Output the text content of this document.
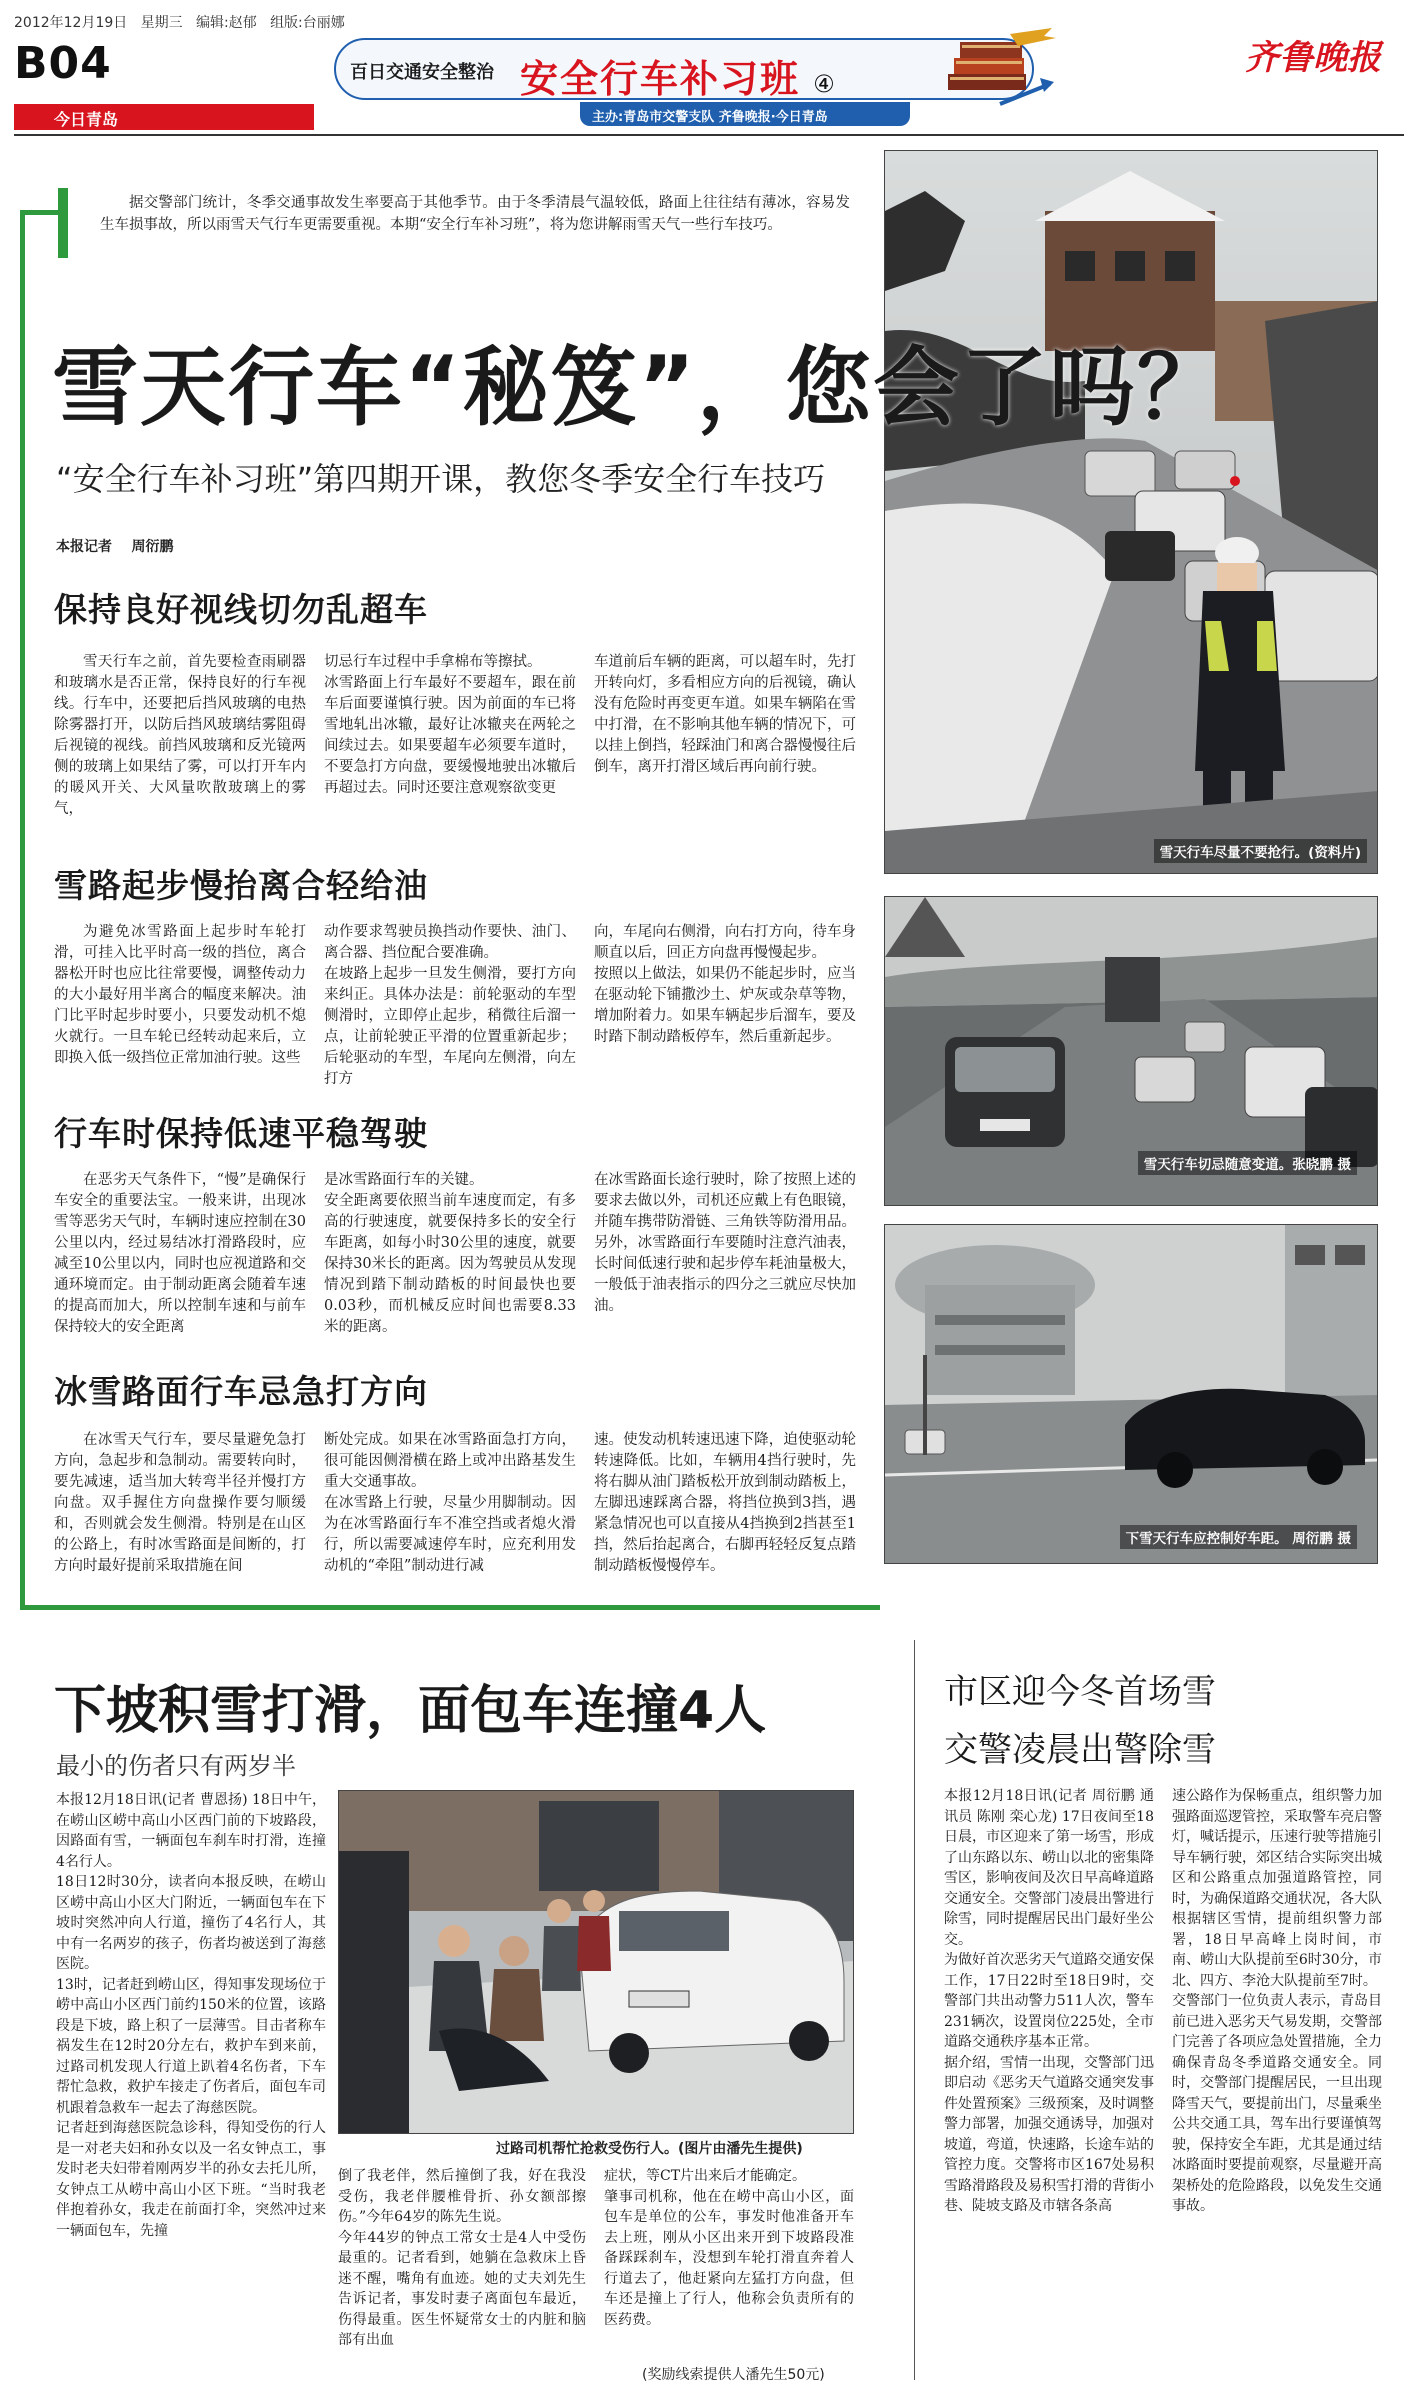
2012年12月19日 星期三 编辑:赵郁 组版:台丽娜
B04
今日青岛
百日交通安全整治 安全行车补习班 ④
主办:青岛市交警支队 齐鲁晚报·今日青岛
齐鲁晚报
据交警部门统计，冬季交通事故发生率要高于其他季节。由于冬季清晨气温较低，路面上往往结有薄冰，容易发生车损事故，所以雨雪天气行车更需要重视。本期“安全行车补习班”，将为您讲解雨雪天气一些行车技巧。
雪天行车“秘笈”，您会了吗？
“安全行车补习班”第四期开课，教您冬季安全行车技巧
本报记者    周衍鹏
保持良好视线切勿乱超车
雪天行车之前，首先要检查雨刷器和玻璃水是否正常，保持良好的行车视线。行车中，还要把后挡风玻璃的电热除雾器打开，以防后挡风玻璃结雾阻碍后视镜的视线。前挡风玻璃和反光镜两侧的玻璃上如果结了雾，可以打开车内的暖风开关、大风量吹散玻璃上的雾气，
切忌行车过程中手拿棉布等擦拭。
冰雪路面上行车最好不要超车，跟在前车后面要谨慎行驶。因为前面的车已将雪地轧出冰辙，最好让冰辙夹在两轮之间续过去。如果要超车必须要车道时，不要急打方向盘，要缓慢地驶出冰辙后再超过去。同时还要注意观察欲变更
车道前后车辆的距离，可以超车时，先打开转向灯，多看相应方向的后视镜，确认没有危险时再变更车道。如果车辆陷在雪中打滑，在不影响其他车辆的情况下，可以挂上倒挡，轻踩油门和离合器慢慢往后倒车，离开打滑区域后再向前行驶。
雪路起步慢抬离合轻给油
为避免冰雪路面上起步时车轮打滑，可挂入比平时高一级的挡位，离合器松开时也应比往常要慢，调整传动力的大小最好用半离合的幅度来解决。油门比平时起步时要小，只要发动机不熄火就行。一旦车轮已经转动起来后，立即换入低一级挡位正常加油行驶。这些
动作要求驾驶员换挡动作要快、油门、离合器、挡位配合要准确。
在坡路上起步一旦发生侧滑，要打方向来纠正。具体办法是：前轮驱动的车型侧滑时，立即停止起步，稍微往后溜一点，让前轮驶正平滑的位置重新起步；后轮驱动的车型，车尾向左侧滑，向左打方
向，车尾向右侧滑，向右打方向，待车身顺直以后，回正方向盘再慢慢起步。
按照以上做法，如果仍不能起步时，应当在驱动轮下铺撒沙土、炉灰或杂草等物，增加附着力。如果车辆起步后溜车，要及时踏下制动踏板停车，然后重新起步。
行车时保持低速平稳驾驶
在恶劣天气条件下，“慢”是确保行车安全的重要法宝。一般来讲，出现冰雪等恶劣天气时，车辆时速应控制在30公里以内，经过易结冰打滑路段时，应减至10公里以内，同时也应视道路和交通环境而定。由于制动距离会随着车速的提高而加大，所以控制车速和与前车保持较大的安全距离
是冰雪路面行车的关键。
安全距离要依照当前车速度而定，有多高的行驶速度，就要保持多长的安全行车距离，如每小时30公里的速度，就要保持30米长的距离。因为驾驶员从发现情况到踏下制动踏板的时间最快也要0.03秒，而机械反应时间也需要8.33米的距离。
在冰雪路面长途行驶时，除了按照上述的要求去做以外，司机还应戴上有色眼镜，并随车携带防滑链、三角铁等防滑用品。另外，冰雪路面行车要随时注意汽油表，长时间低速行驶和起步停车耗油量极大，一般低于油表指示的四分之三就应尽快加油。
冰雪路面行车忌急打方向
在冰雪天气行车，要尽量避免急打方向，急起步和急制动。需要转向时，要先减速，适当加大转弯半径并慢打方向盘。双手握住方向盘操作要匀顺缓和，否则就会发生侧滑。特别是在山区的公路上，有时冰雪路面是间断的，打方向时最好提前采取措施在间
断处完成。如果在冰雪路面急打方向，很可能因侧滑横在路上或冲出路基发生重大交通事故。
在冰雪路上行驶，尽量少用脚制动。因为在冰雪路面行车不准空挡或者熄火滑行，所以需要减速停车时，应充利用发动机的“牵阻”制动进行减
速。使发动机转速迅速下降，迫使驱动轮转速降低。比如，车辆用4挡行驶时，先将右脚从油门踏板松开放到制动踏板上，左脚迅速踩离合器，将挡位换到3挡，遇紧急情况也可以直接从4挡换到2挡甚至1挡，然后抬起离合，右脚再轻轻反复点踏制动踏板慢慢停车。
雪天行车尽量不要抢行。(资料片)
雪天行车切忌随意变道。张晓鹏 摄
下雪天行车应控制好车距。 周衍鹏 摄
下坡积雪打滑，面包车连撞4人
最小的伤者只有两岁半
本报12月18日讯(记者 曹恩扬) 18日中午，在崂山区崂中高山小区西门前的下坡路段，因路面有雪，一辆面包车刹车时打滑，连撞4名行人。
18日12时30分，读者向本报反映，在崂山区崂中高山小区大门附近，一辆面包车在下坡时突然冲向人行道，撞伤了4名行人，其中有一名两岁的孩子，伤者均被送到了海慈医院。
13时，记者赶到崂山区，得知事发现场位于崂中高山小区西门前约150米的位置，该路段是下坡，路上积了一层薄雪。目击者称车祸发生在12时20分左右，救护车到来前，过路司机发现人行道上趴着4名伤者，下车帮忙急救，救护车接走了伤者后，面包车司机跟着急救车一起去了海慈医院。
记者赶到海慈医院急诊科，得知受伤的行人是一对老夫妇和孙女以及一名女钟点工，事发时老夫妇带着刚两岁半的孙女去托儿所，女钟点工从崂中高山小区下班。“当时我老伴抱着孙女，我走在前面打伞，突然冲过来一辆面包车，先撞
过路司机帮忙抢救受伤行人。(图片由潘先生提供)
倒了我老伴，然后撞倒了我，好在我没受伤，我老伴腰椎骨折、孙女额部擦伤。”今年64岁的陈先生说。
今年44岁的钟点工常女士是4人中受伤最重的。记者看到，她躺在急救床上昏迷不醒，嘴角有血迹。她的丈夫刘先生告诉记者，事发时妻子离面包车最近，伤得最重。医生怀疑常女士的内脏和脑部有出血
症状，等CT片出来后才能确定。
肇事司机称，他在在崂中高山小区，面包车是单位的公车，事发时他准备开车去上班，刚从小区出来开到下坡路段准备踩踩刹车，没想到车轮打滑直奔着人行道去了，他赶紧向左猛打方向盘，但车还是撞上了行人，他称会负责所有的医药费。
(奖励线索提供人潘先生50元)
市区迎今冬首场雪
交警凌晨出警除雪
本报12月18日讯(记者 周衍鹏 通讯员 陈刚 栾心龙) 17日夜间至18日晨，市区迎来了第一场雪，形成了山东路以东、崂山以北的密集降雪区，影响夜间及次日早高峰道路交通安全。交警部门凌晨出警进行除雪，同时提醒居民出门最好坐公交。
为做好首次恶劣天气道路交通安保工作，17日22时至18日9时，交警部门共出动警力511人次，警车231辆次，设置岗位225处，全市道路交通秩序基本正常。
据介绍，雪情一出现，交警部门迅即启动《恶劣天气道路交通突发事件处置预案》三级预案，及时调整警力部署，加强交通诱导，加强对坡道，弯道，快速路，长途车站的管控力度。交警将市区167处易积雪路滑路段及易积雪打滑的背街小巷、陡坡支路及市辖各条高
速公路作为保畅重点，组织警力加强路面巡逻管控，采取警车亮启警灯，喊话提示，压速行驶等措施引导车辆行驶，郊区结合实际突出城区和公路重点加强道路管控，同时，为确保道路交通状况，各大队根据辖区雪情，提前组织警力部署，18日早高峰上岗时间，市南、崂山大队提前至6时30分，市北、四方、李沧大队提前至7时。
交警部门一位负责人表示，青岛目前已进入恶劣天气易发期，交警部门完善了各项应急处置措施，全力确保青岛冬季道路交通安全。同时，交警部门提醒居民，一旦出现降雪天气，要提前出门，尽量乘坐公共交通工具，驾车出行要谨慎驾驶，保持安全车距，尤其是通过结冰路面时要提前观察，尽量避开高架桥处的危险路段，以免发生交通事故。
